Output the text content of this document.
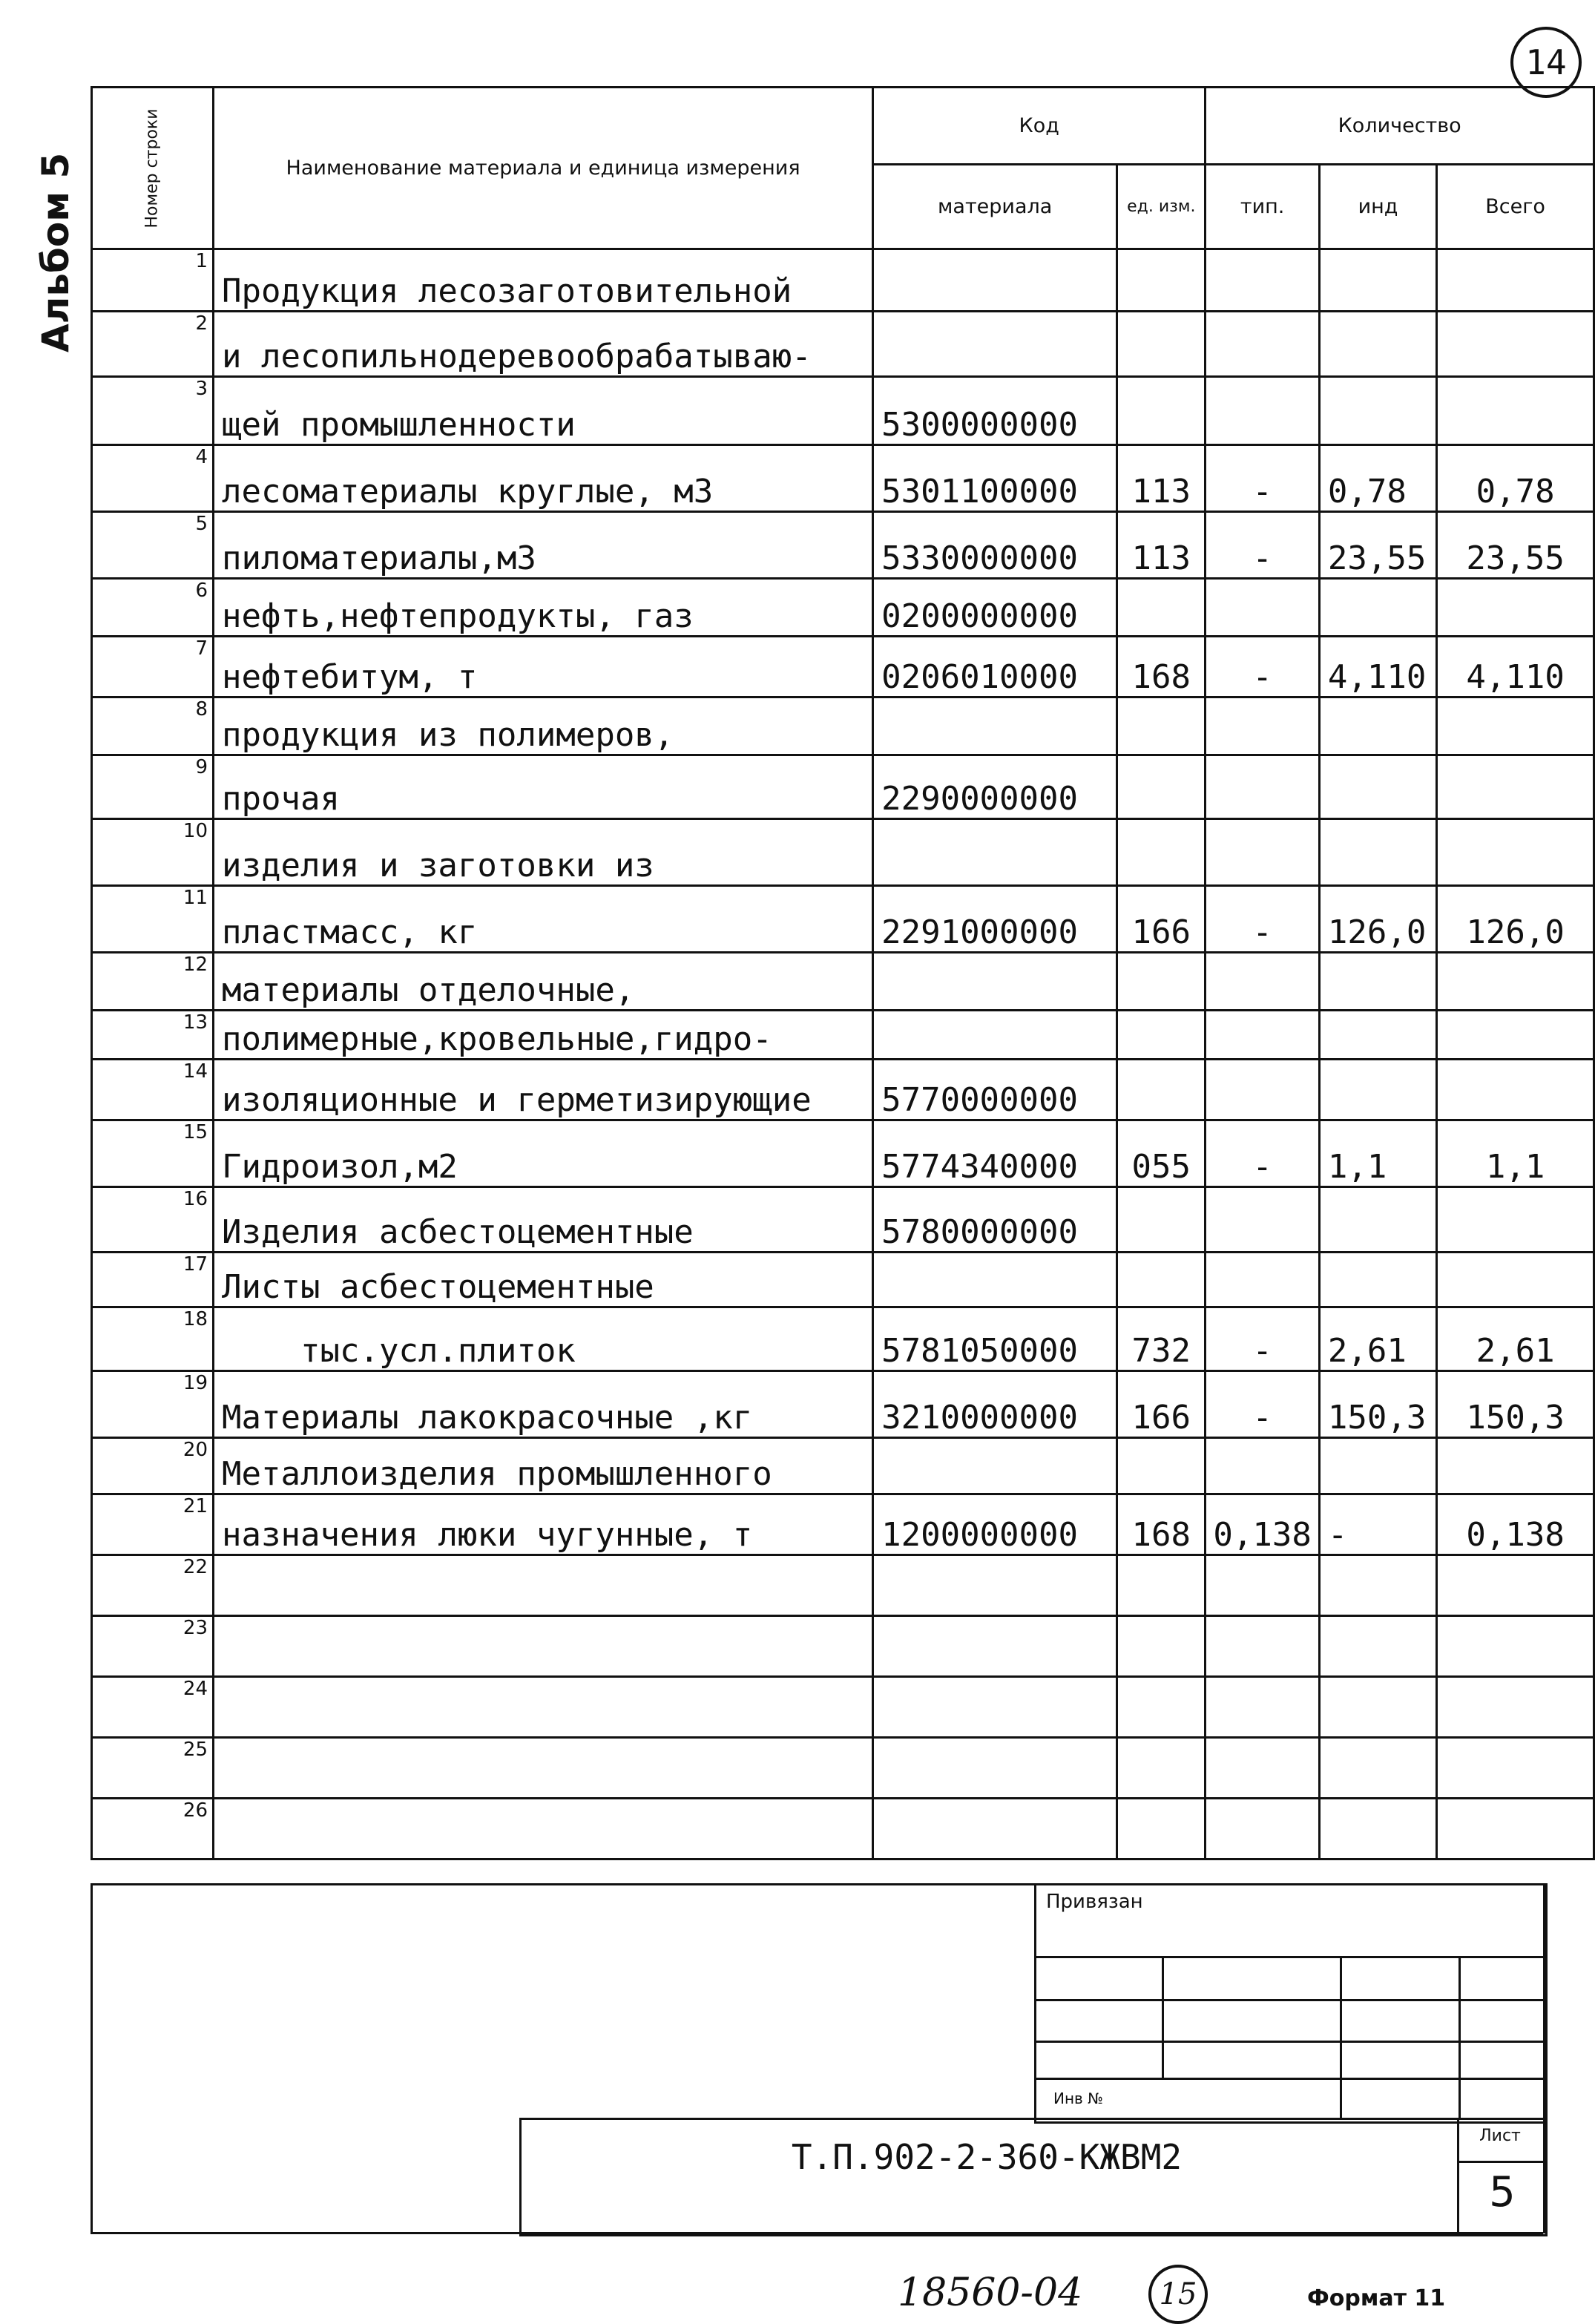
14
Альбом 5	Номер строки	Наименование материала и единица измерения	Код		Количество		
		материала	ед. изм.	тип.	инд	Всего
1	Продукция лесозаготовительной					
2	и лесопильнодеревообрабатываю-					
3	щей промышленности	5300000000				
4	лесоматериалы круглые, м3	5301100000	113	-	0,78	0,78
5	пиломатериалы,м3	5330000000	113	-	23,55	23,55
6	нефть,нефтепродукты, газ	0200000000				
7	нефтебитум, т	0206010000	168	-	4,110	4,110
8	продукция из полимеров,					
9	прочая	2290000000				
10	изделия и заготовки из					
11	пластмасс, кг	2291000000	166	-	126,0	126,0
12	материалы отделочные,					
13	полимерные,кровельные,гидро-					
14	изоляционные и герметизирующие	5770000000				
15	Гидроизол,м2	5774340000	055	-	1,1	1,1
16	Изделия асбестоцементные	5780000000				
17	Листы асбестоцементные					
18	тыс.усл.плиток	5781050000	732	-	2,61	2,61
19	Материалы лакокрасочные ,кг	3210000000	166	-	150,3	150,3
20	Металлоизделия промышленного					
21	назначения люки чугунные, т	1200000000	168	0,138	-	0,138
22						
23						
24						
25						
26						
Привязан
Инв №
Т.П.902-2-360-КЖВМ2
Лист
5
18560-04	15	Формат 11
